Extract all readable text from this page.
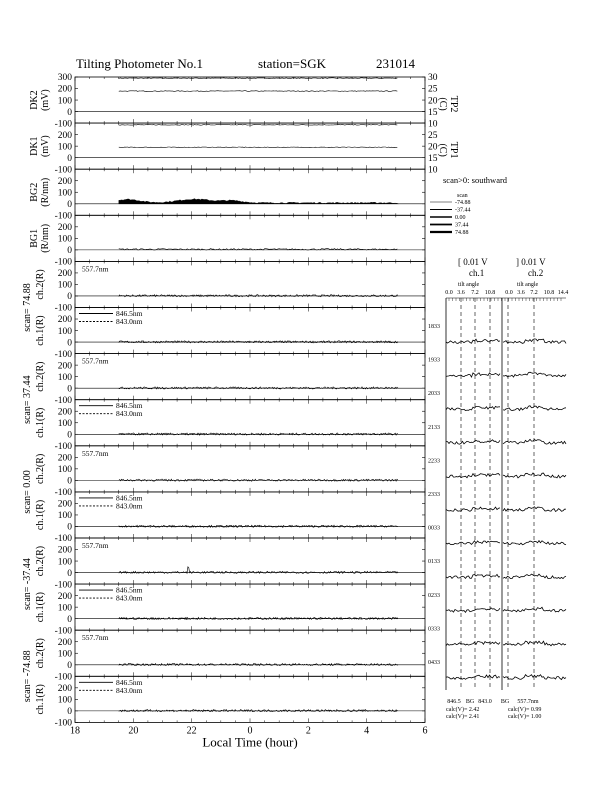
Tilting Photometer No.1	station=SGK	231014
300
200
100
0
-100
DK2(mV)
30
25
20
15
10
TP2(C)
200
100
0
-100
DK1(mV)	25
20
15
10
TP1(C)
200
100
0
-100
BG2(R/nm)
200
100
0
-100
BG1(R/nm)
200
100
0
-100
ch.2(R)
scan= 74.88
557.7nm
200
100
0
-100
ch.1(R)
846.5nm
843.0nm
200
100
0
-100
ch.2(R)
scan= 37.44
557.7nm
200
100
0
-100
ch.1(R)
846.5nm
843.0nm
200
100
0
-100
ch.2(R)
scan= 0.00
557.7nm
200
100
0
-100
ch.1(R)
846.5nm
843.0nm
200
100
0
-100
ch.2(R)
scan= -37.44
557.7nm
200
100
0
-100
ch.1(R)
846.5nm
843.0nm
200
100
0
-100
ch.2(R)
scan= -74.88
557.7nm
200
100
0
-100
ch.1(R)
846.5nm
843.0nm
scan>0: southward
scan
-74.88
-37.44
0.00
37.44
74.88
[ 0.01 V	] 0.01 V
ch.1	ch.2
tilt angle	tilt angle
0.0 3.6 7.2 10.8 0.0 3.6 7.2 10.8 14.4
1833
1933
2033
2133
2233
2333
0033
0133
0233
0333
0433
846.5 BG 843.0 BG 557.7nm
calc(V)= 2.42
calc(V)= 2.41
calc(V)= 0.99
calc(V)= 1.00
18	20	22	0	2	4	6
Local Time (hour)
